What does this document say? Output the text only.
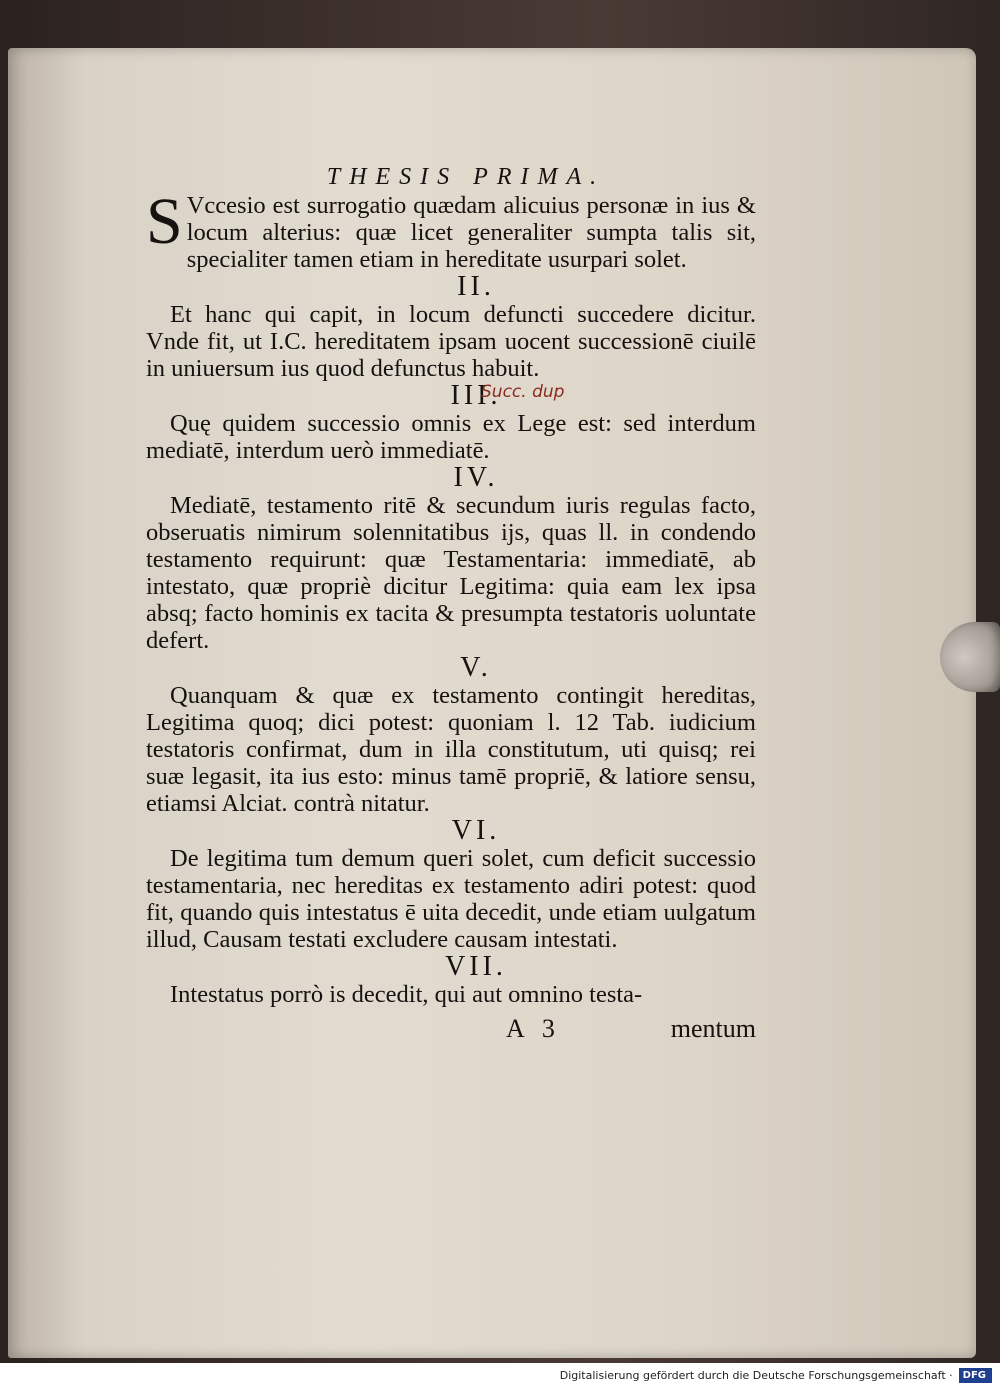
THESIS PRIMA.

SVccesio est surrogatio quædam alicuius personæ in ius & locum alterius: quæ licet generaliter sumpta talis sit, specialiter tamen etiam in hereditate usurpari solet.

II.

Et hanc qui capit, in locum defuncti succedere dicitur. Vnde fit, ut I.C. hereditatem ipsam uocent successionē ciuilē in uniuersum ius quod defunctus habuit.

III.
Succ. dup

Quę quidem successio omnis ex Lege est: sed interdum mediatē, interdum uerò immediatē.

IV.

Mediatē, testamento ritē & secundum iuris regulas facto, obseruatis nimirum solennitatibus ijs, quas ll. in condendo testamento requirunt: quæ Testamentaria: immediatē, ab intestato, quæ propriè dicitur Legitima: quia eam lex ipsa absq; facto hominis ex tacita & presumpta testatoris uoluntate defert.

V.

Quanquam & quæ ex testamento contingit hereditas, Legitima quoq; dici potest: quoniam l. 12 Tab. iudicium testatoris confirmat, dum in illa constitutum, uti quisq; rei suæ legasit, ita ius esto: minus tamē propriē, & latiore sensu, etiamsi Alciat. contrà nitatur.

VI.

De legitima tum demum queri solet, cum deficit successio testamentaria, nec hereditas ex testamento adiri potest: quod fit, quando quis intestatus ē uita decedit, unde etiam uulgatum illud, Causam testati excludere causam intestati.

VII.

Intestatus porrò is decedit, qui aut omnino testa-

A 3	mentum
Digitalisierung gefördert durch die Deutsche Forschungsgemeinschaft ·	DFG
